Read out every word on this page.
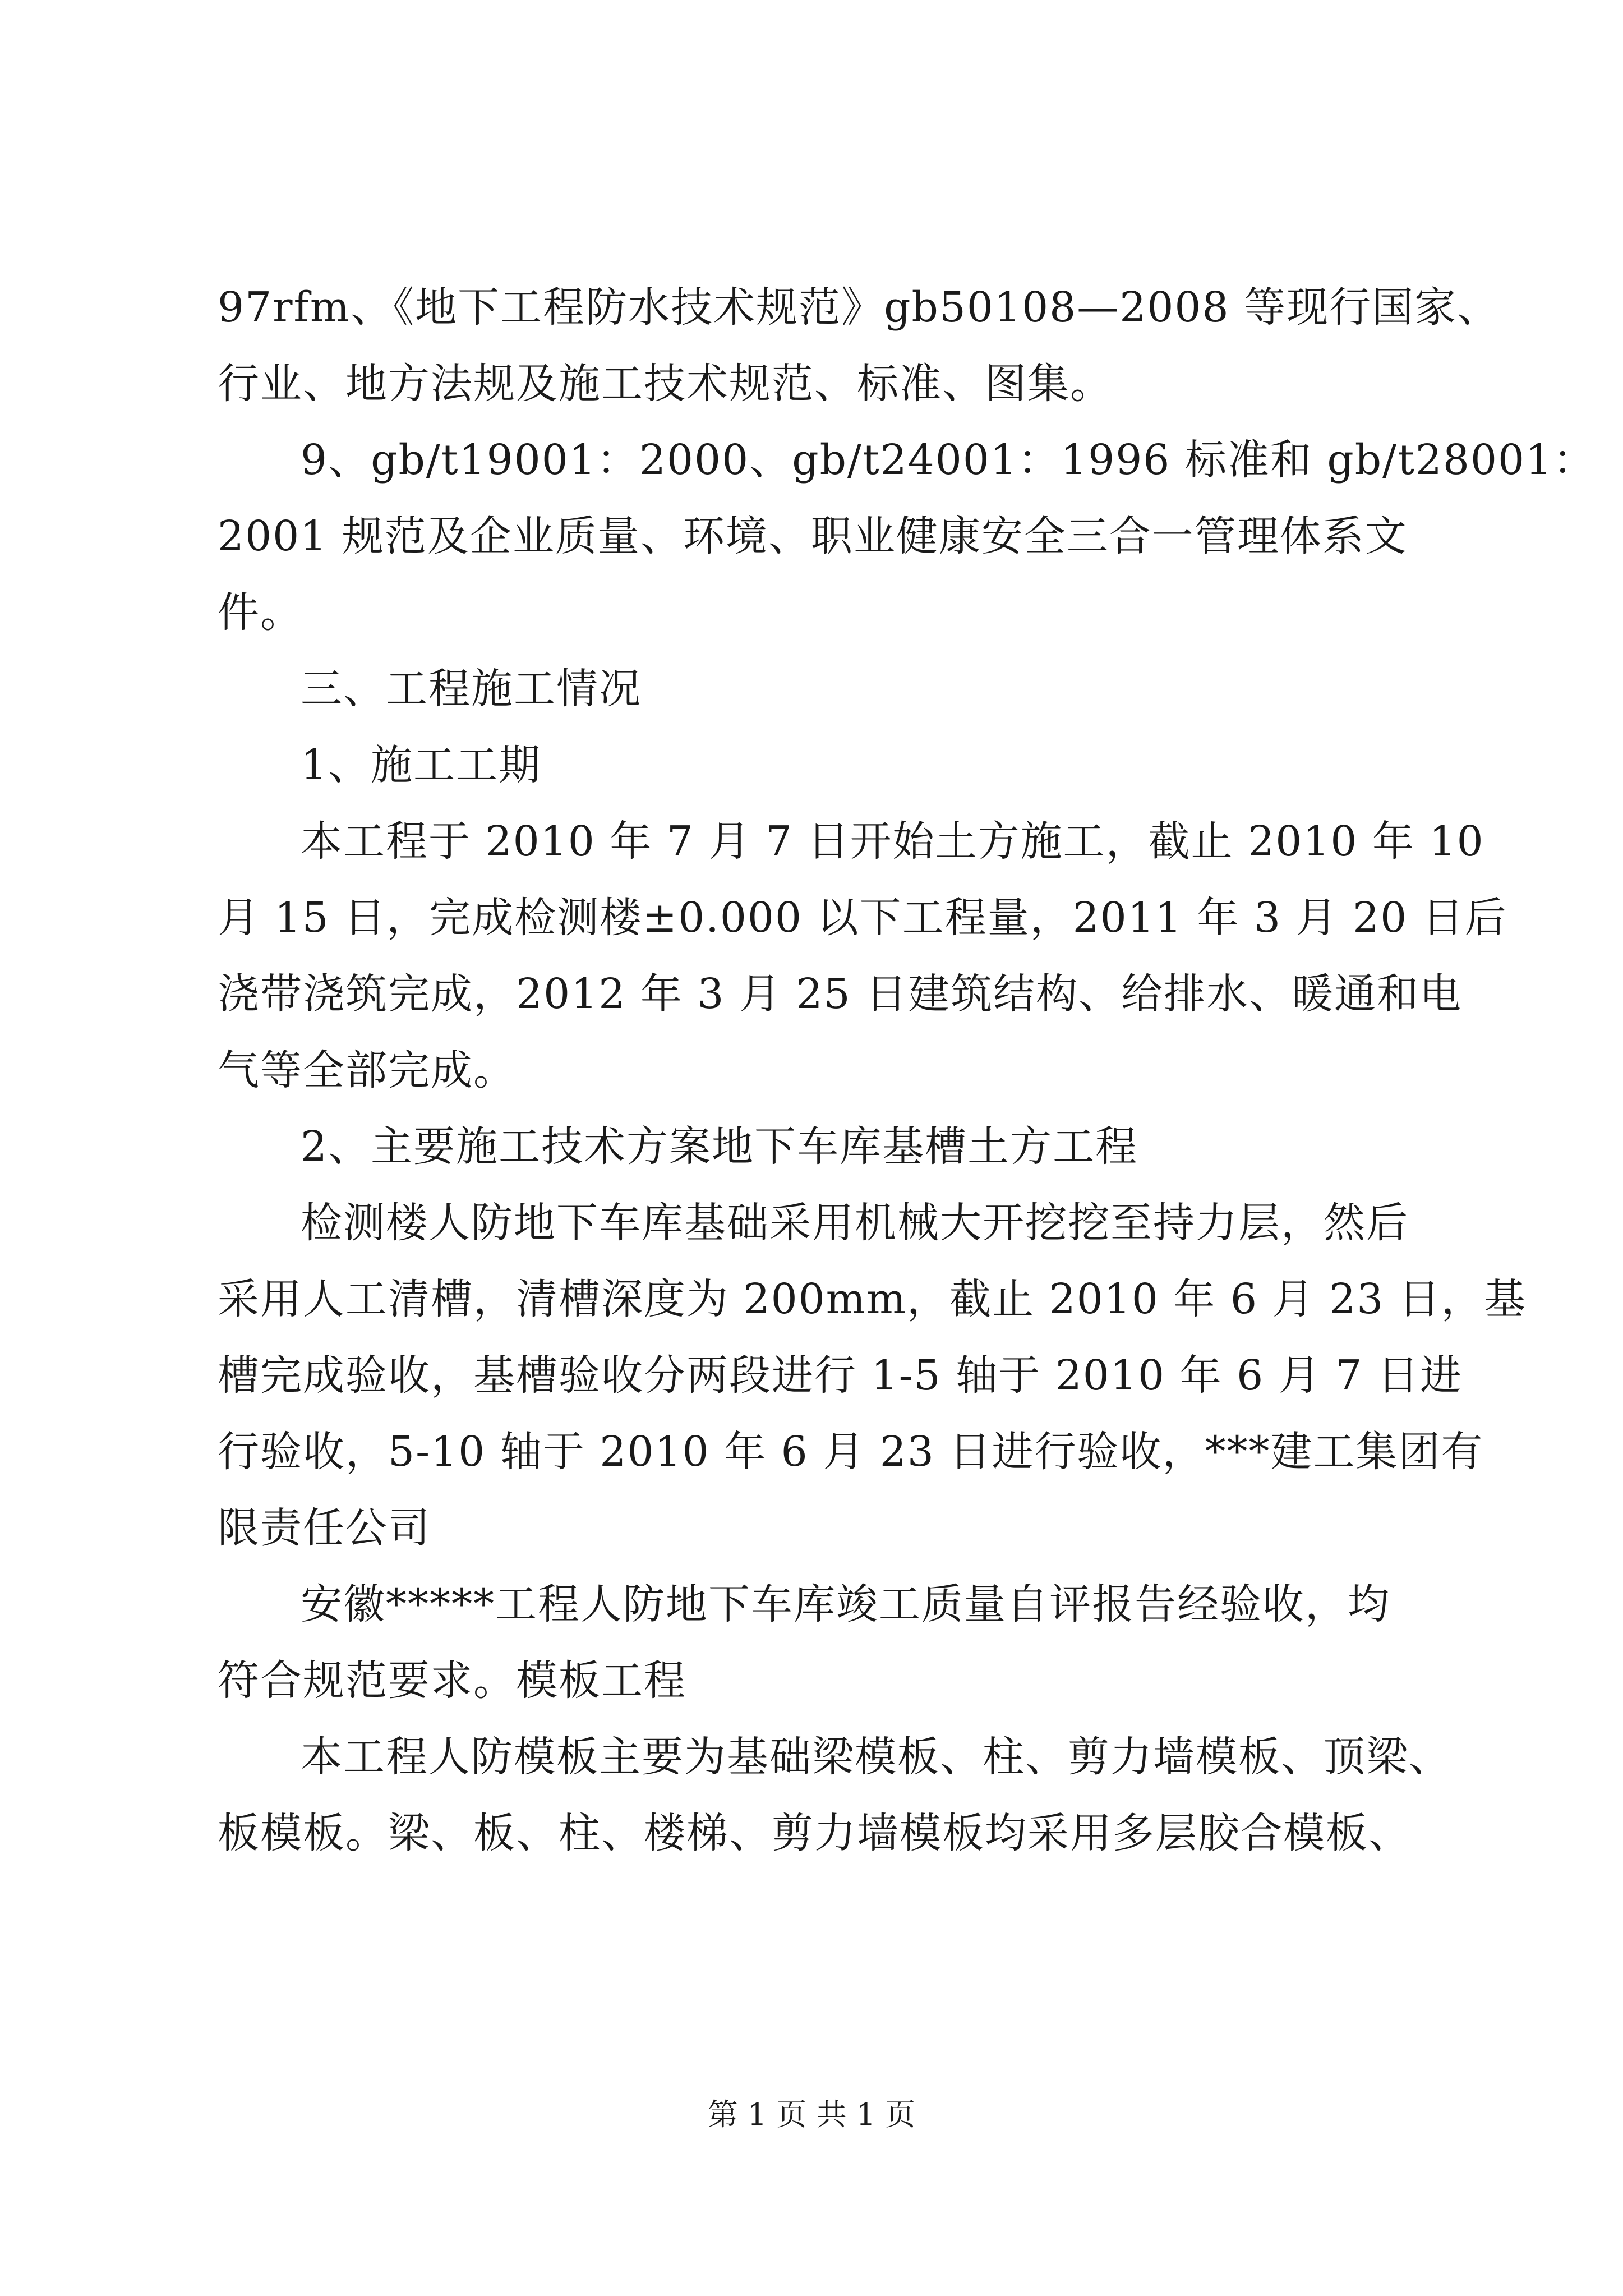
97rfm、《地下工程防水技术规范》gb50108—2008 等现行国家、
行业、地方法规及施工技术规范、标准、图集。
9、gb/t19001：2000、gb/t24001：1996 标准和 gb/t28001：
2001 规范及企业质量、环境、职业健康安全三合一管理体系文
件。
三、工程施工情况
1、施工工期
本工程于 2010 年 7 月 7 日开始土方施工，截止 2010 年 10
月 15 日，完成检测楼±0.000 以下工程量，2011 年 3 月 20 日后
浇带浇筑完成，2012 年 3 月 25 日建筑结构、给排水、暖通和电
气等全部完成。
2、主要施工技术方案地下车库基槽土方工程
检测楼人防地下车库基础采用机械大开挖挖至持力层，然后
采用人工清槽，清槽深度为 200mm，截止 2010 年 6 月 23 日，基
槽完成验收，基槽验收分两段进行 1-5 轴于 2010 年 6 月 7 日进
行验收，5-10 轴于 2010 年 6 月 23 日进行验收，***建工集团有
限责任公司
安徽*****工程人防地下车库竣工质量自评报告经验收，均
符合规范要求。模板工程
本工程人防模板主要为基础梁模板、柱、剪力墙模板、顶梁、
板模板。梁、板、柱、楼梯、剪力墙模板均采用多层胶合模板、
第 1 页 共 1 页
